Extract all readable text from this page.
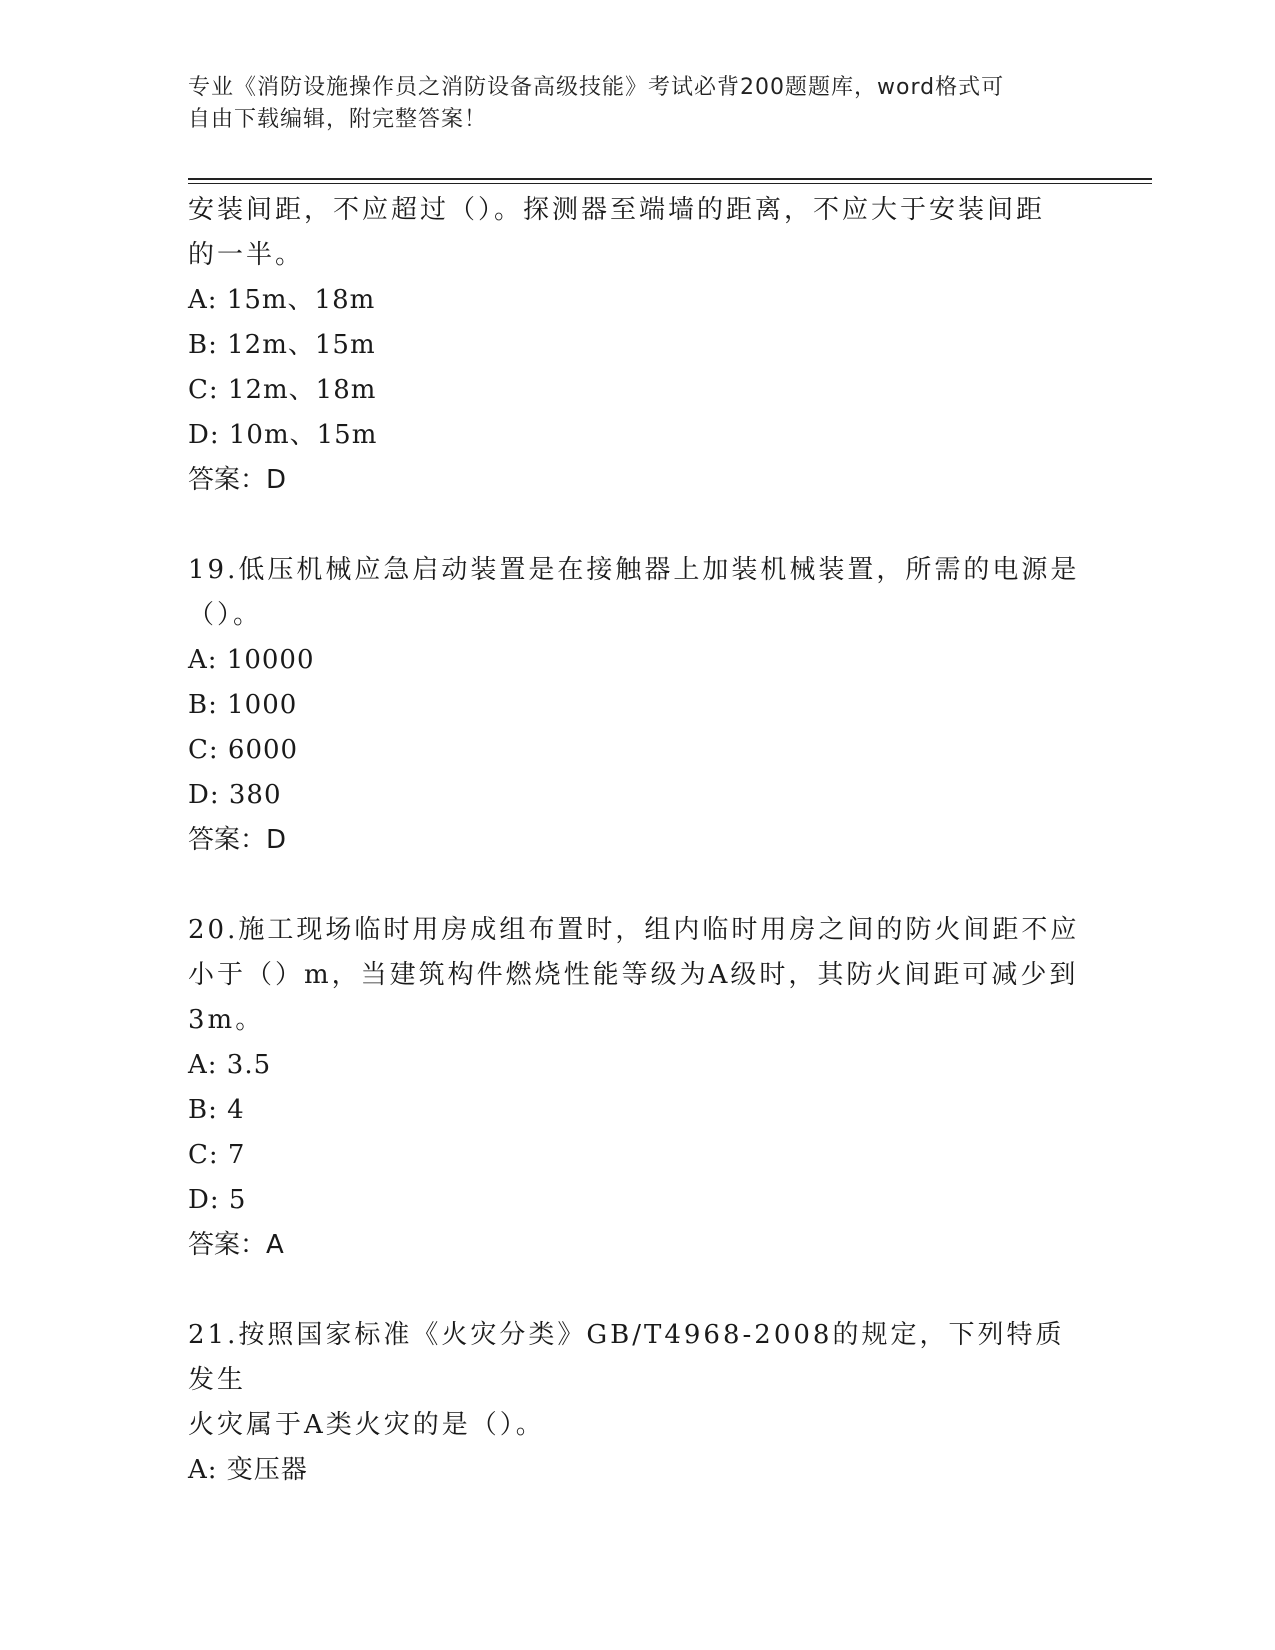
专业《消防设施操作员之消防设备高级技能》考试必背200题题库，word格式可
自由下载编辑，附完整答案！

安装间距，不应超过（）。探测器至端墙的距离，不应大于安装间距

的一半。

A: 15m、18m

B: 12m、15m

C: 12m、18m

D: 10m、15m

答案：D

19.低压机械应急启动装置是在接触器上加装机械装置，所需的电源是

（）。

A: 10000

B: 1000

C: 6000

D: 380

答案：D

20.施工现场临时用房成组布置时，组内临时用房之间的防火间距不应

小于（）m，当建筑构件燃烧性能等级为A级时，其防火间距可减少到

3m。

A: 3.5

B: 4

C: 7

D: 5

答案：A

21.按照国家标准《火灾分类》GB/T4968-2008的规定，下列特质发生

火灾属于A类火灾的是（）。

A: 变压器
